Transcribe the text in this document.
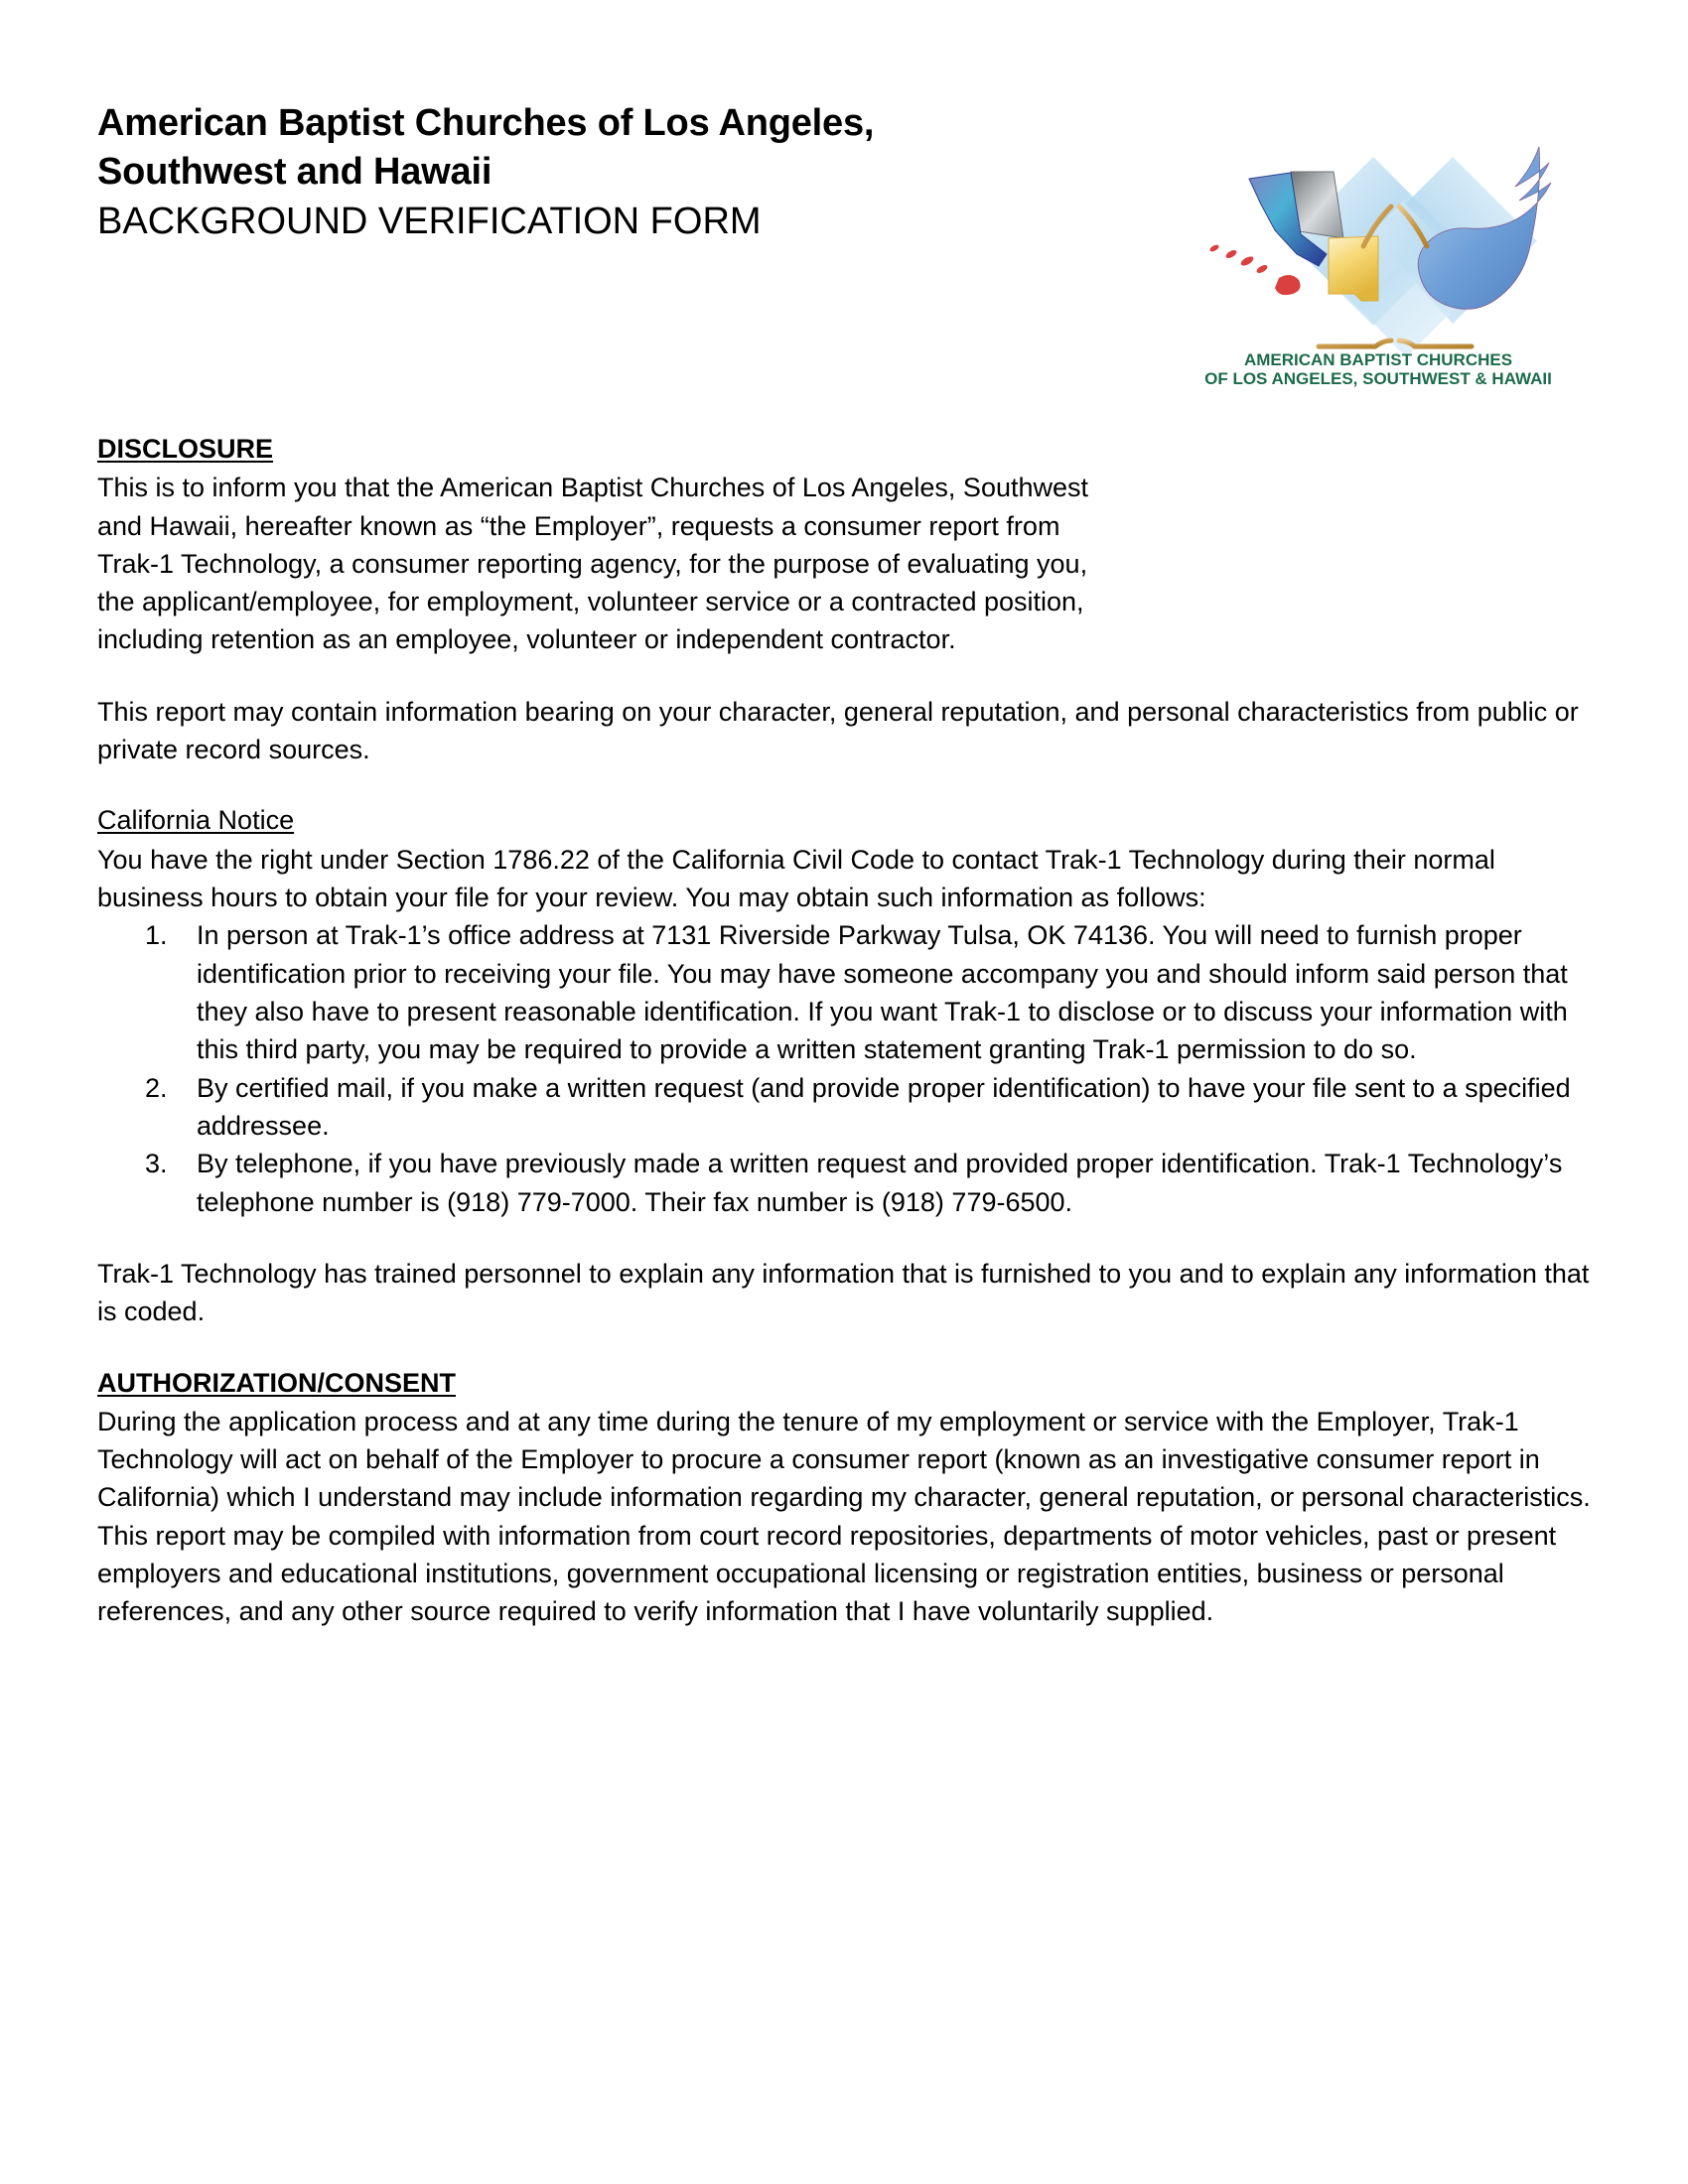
American Baptist Churches of Los Angeles,
Southwest and Hawaii
BACKGROUND VERIFICATION FORM
AMERICAN BAPTIST CHURCHES
OF LOS ANGELES, SOUTHWEST & HAWAII
DISCLOSURE

This is to inform you that the American Baptist Churches of Los Angeles, Southwest and Hawaii, hereafter known as “the Employer”, requests a consumer report from Trak-1 Technology, a consumer reporting agency, for the purpose of evaluating you, the applicant/employee, for employment, volunteer service or a contracted position, including retention as an employee, volunteer or independent contractor.

This report may contain information bearing on your character, general reputation, and personal characteristics from public or private record sources.

California Notice

You have the right under Section 1786.22 of the California Civil Code to contact Trak-1 Technology during their normal business hours to obtain your file for your review. You may obtain such information as follows:

In person at Trak-1’s office address at 7131 Riverside Parkway Tulsa, OK 74136. You will need to furnish proper identification prior to receiving your file. You may have someone accompany you and should inform said person that they also have to present reasonable identification. If you want Trak-1 to disclose or to discuss your information with this third party, you may be required to provide a written statement granting Trak-1 permission to do so.
By certified mail, if you make a written request (and provide proper identification) to have your file sent to a specified addressee.
By telephone, if you have previously made a written request and provided proper identification. Trak-1 Technology’s telephone number is (918) 779-7000. Their fax number is (918) 779-6500.

Trak-1 Technology has trained personnel to explain any information that is furnished to you and to explain any information that is coded.

AUTHORIZATION/CONSENT

During the application process and at any time during the tenure of my employment or service with the Employer, Trak-1 Technology will act on behalf of the Employer to procure a consumer report (known as an investigative consumer report in California) which I understand may include information regarding my character, general reputation, or personal characteristics. This report may be compiled with information from court record repositories, departments of motor vehicles, past or present employers and educational institutions, government occupational licensing or registration entities, business or personal references, and any other source required to verify information that I have voluntarily supplied.
